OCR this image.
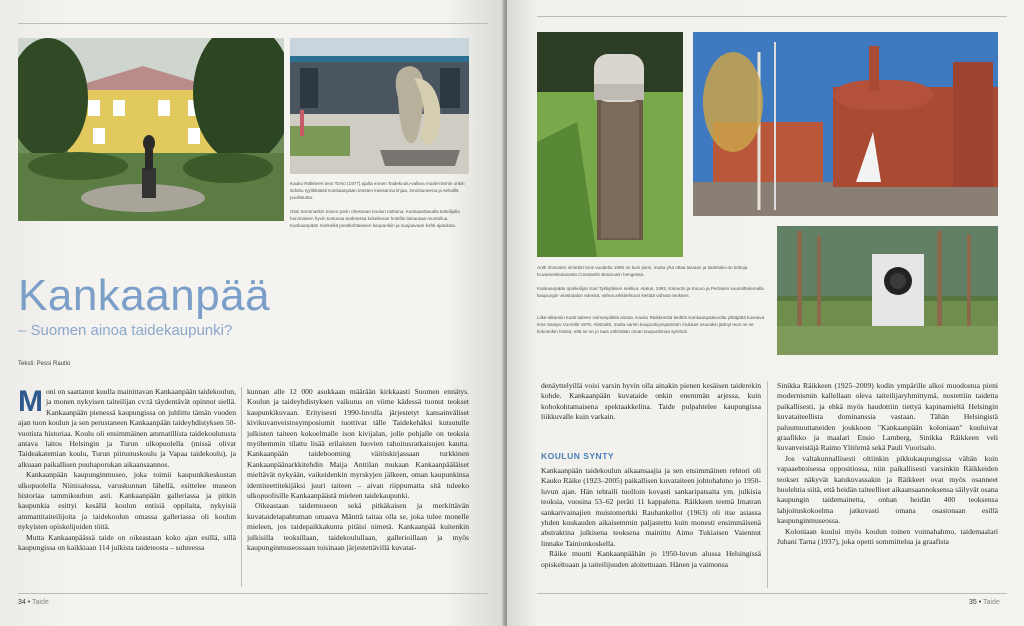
Kauko Räikkeen teos Torso (1977) ajalta ennen Taidekoulu-valkea modernismin onkin sidottu tyylikkäästi Kankaanpään teosten kiessanna linjaa, innostuneena ja selvällä puolistusta.
Ossi Sommaskin toinen parin ohessaan koulun nottoina. Kankaanttavalla taiteilijalla harvinaisen hyvin tuntuvaa teoksessa kokeilevan hotellin lainausaa muotoilua. Kankaanpään merkeillä pesäkohtaiseen kaupunkiin ja suojaavaan kohti ajatuksia.
Kankaanpää
– Suomen ainoa taidekaupunki?
Teksti: Pessi Rautio

Moni on saattanut kuulla mainittavan Kankaanpään taidekoulun, ja monen nykyisen taiteilijan cv:tä täydentävät opinnot siellä. Kankaanpään pienessä kaupungissa on juhlittu tämän vuoden ajan tuon koulun ja sen perustaneen Kankaanpään taideyhdistyksen 50-vuotista historiaa. Koulu oli ensimmäinen ammatillista taidekoulutusta antava laitos Helsingin ja Turun ulkopuolella (missä olivat Taideakatemian koulu, Turun piirustuskoulu ja Vapaa taidekoulu), ja alkuaan paikallisen puuhaporukan aikaansaannos.

Kankaanpään kaupunginmuseo, joka toimii kaupunkikeskustan ulkopuolella Niinisalossa, varuskunnan lähellä, esittelee museon historiaa tammikuuhun asti. Kankaanpään galleriassa ja pitkin kaupunkia esittyi kesällä koulun entisiä oppilaita, nykyisiä ammattitaiteilijoita ja taidekoulun omassa galleriassa oli koulun nykyisten opiskelijoiden töitä.

Mutta Kankaanpäässä taide on oikeastaan koko ajan esillä, sillä kaupungissa on kaikkiaan 114 julkista taideteosta – suhteessa

kunnan alle 12 000 asukkaan määrään kirkkaasti Suomen ennätys. Koulun ja taideyhdistyksen vaikutus on viime kädessä tuonut teokset kaupunkikuvaan. Erityisesti 1990-luvulla järjestetyt kansainväliset kivikuvanveistosymposiumit tuottivat tälle Taidekehäksi kutsutulle julkisten taiteen kokoelmalle ison kivijalan, jolle pohjalle on teoksia myöhemmin tilattu lisää erilaisten luovien rahoitusratkaisujen kautta. Kankaanpään taidebooming väitöskirjassaan turkkinen Kankaanpäänarkkitehdin Maija Anttilan mukaan Kankaanpääläiset mieltävät nykyään, vaikeidenkin myrskyjen jälkeen, oman kaupunkinsa identiteettitekijäksi juuri taiteen – aivan riippumatta sitä tuleeko ulkopuolisille Kankaanpäästä mieleen taidekaupunki.

Oikeastaan taidemuseon sekä pitkäkaisen ja merkittävän kuvataidetapahtuman omaava Mänttä taitaa olla se, joka tulee monelle mieleen, jos taidepaikkakunta pitäisi nimetä. Kankaanpää kuitenkin julkisilla teoksillaan, taidekoulullaan, gallerioillaan ja myös kaupunginmuseossaan toisinaan järjestettävillä kuvatai-

34 • Taide
Antti Immosen nimetön teos vuodelta 1995 on kuin pieni, mutta yhä ottaa taivaan ja taideluku-on kokoja. Kuvanveistotavasta Constantin Brancusin hengessä.
Kankaanpään opiskelijan Kari Tykkyläisen sektiva. Alatus, 1992, Kanuoto ja Kouvo ja Pertasen suunnittelemalla kaupungin virastotalon edessä, vahva arkkitehtuuri kestää vahvan teoksen.
Liike-alkamiin tuotti taiteen voimanpikkiä aiotaa. Kauko Räikkeestä tiedttin Kankaanpäävuolta ylittäjättä kuvaava teos Sampo Vuorelle 1976. Abstrakti, mutta varsin kaupunkiympäristön mukaan osuvaksi jäänyt teos on se kokoenkin hoista, että se on jo taas vähintään oman kaupunkinsa symboli.

denäyttelyillä voisi varsin hyvin olla ainakin pienen kesäisen taiderekin kohde. Kankaanpään kuvataide onkin enemmän arjessa, kuin kohokohtamaisena spektaakkelina. Taide pulpahtelee kaupungissa liikkuvalle kuin varkain.

KOULUN SYNTY

Kankaanpään taidekoulun aikaansaajia ja sen ensimmäinen rehtori oli Kauko Räike (1923–2005) paikallisen kuvataiteen johtohahmo jo 1950-luvun ajan. Hän tehtaili tuolloin kovasti sankaripatsaita ym. julkisia teoksia, vuosina 53–62 peräti 11 kappaletta. Räikkeen teemä Imatran sankarivainajien muistomerkki Rauhankellot (1963) oli itse asiassa yhden kuukauden aikaisemmin paljastettu kuin monesti ensimmäisenä abstraktina julkisena teoksena mainittu Aimo Tukiaisen Vaiennut linnake Tainionkoskella.

Räike muutti Kankaanpäähän jo 1950-luvun alussa Helsingissä opiskeltuaan ja taiteilijuuden aloitettuaan. Hänen ja vaimonsa

Sinikka Räikkeen (1925–2009) kodin ympärille alkoi muodostua pieni modernismin kallellaan oleva taiteilijaryhmittymä, nostettiin taidetta paikallisesti, ja ehkä myös haudottiin tiettyä kapinamieltä Helsingin kuvataiteellista dominanssia vastaan. Tähän Helsingistä paluumuuttaneiden joukkoon "Kankaanpään koloniaan" kuuluivat graafikko ja maalari Ensio Lamberg, Sinikka Räikkeen veli kuvanveistäjä Raimo Ylitörmä sekä Pauli Vuorisalo.

Jos valtakunnallisesti oltiinkin pikkukaupungissa vähän kuin vapaaehtoisessa oppositiossa, niin paikallisesti varsinkin Räikkeiden teokset näkyvät katukuvassakin ja Räikkeet ovat myös osanneet huolehtia siitä, että heidän taiteelliset aikaansaannoksensa säilyvät osana kaupungin taidemainetta, onhan heidän 400 teoksensa lahjoituskokoelma jatkuvasti omana osastonaan esillä kaupunginmuseossa.

Koloniaan kuului myös koulun toinen voimahahmo, taidemaalari Juhani Tarna (1937), joka opetti sommittelua ja graafista

35 • Taide
